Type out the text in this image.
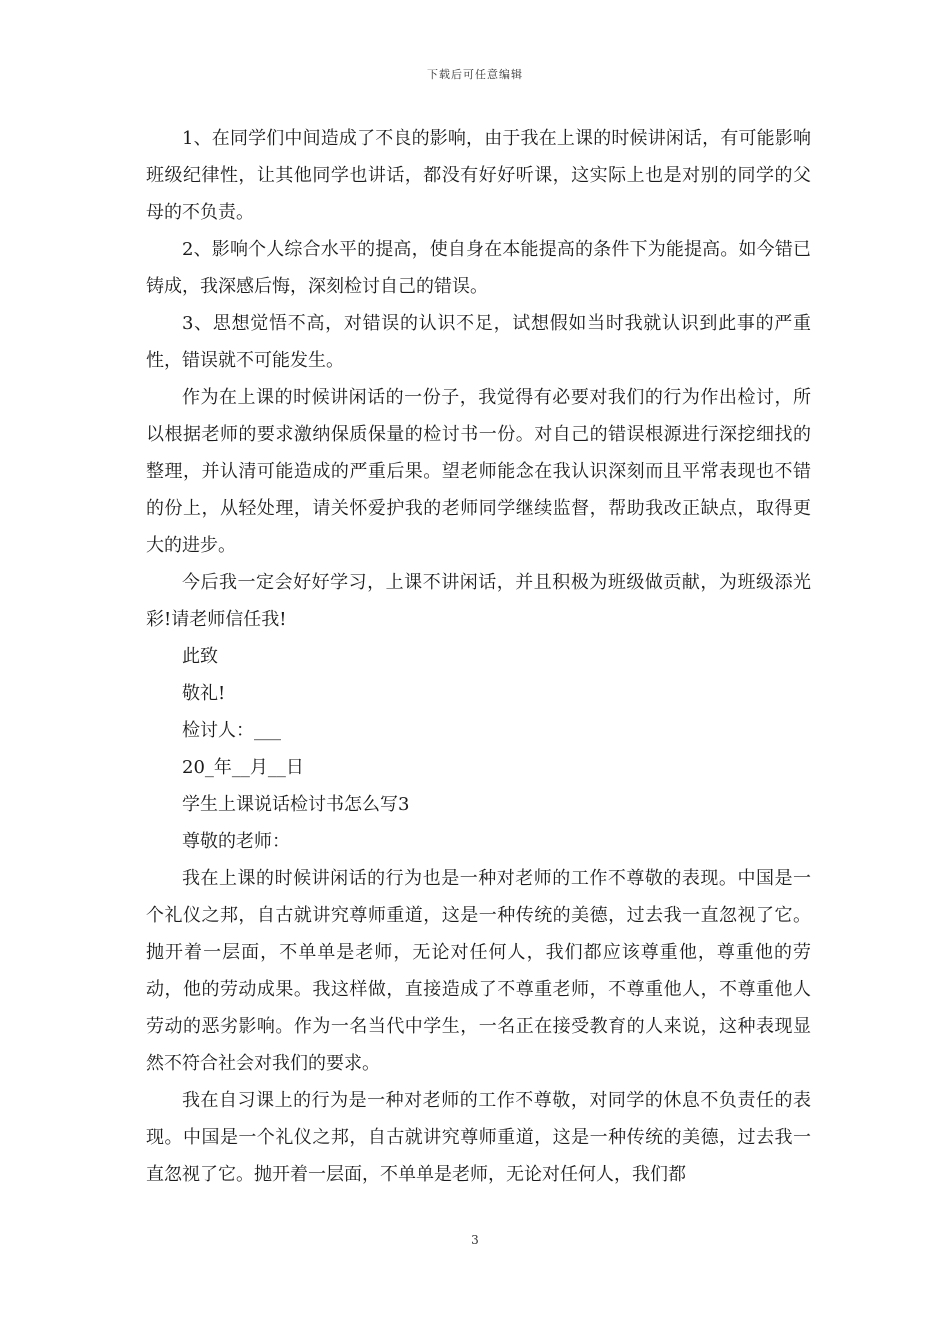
下载后可任意编辑

1、在同学们中间造成了不良的影响，由于我在上课的时候讲闲话，有可能影响班级纪律性，让其他同学也讲话，都没有好好听课，这实际上也是对别的同学的父母的不负责。

2、影响个人综合水平的提高，使自身在本能提高的条件下为能提高。如今错已铸成，我深感后悔，深刻检讨自己的错误。

3、思想觉悟不高，对错误的认识不足，试想假如当时我就认识到此事的严重性，错误就不可能发生。

作为在上课的时候讲闲话的一份子，我觉得有必要对我们的行为作出检讨，所以根据老师的要求激纳保质保量的检讨书一份。对自己的错误根源进行深挖细找的整理，并认清可能造成的严重后果。望老师能念在我认识深刻而且平常表现也不错的份上，从轻处理，请关怀爱护我的老师同学继续监督，帮助我改正缺点，取得更大的进步。

今后我一定会好好学习，上课不讲闲话，并且积极为班级做贡献，为班级添光彩!请老师信任我!

此致

敬礼!

检讨人：___

20_年__月__日

学生上课说话检讨书怎么写3

尊敬的老师：

我在上课的时候讲闲话的行为也是一种对老师的工作不尊敬的表现。中国是一个礼仪之邦，自古就讲究尊师重道，这是一种传统的美德，过去我一直忽视了它。抛开着一层面，不单单是老师，无论对任何人，我们都应该尊重他，尊重他的劳动，他的劳动成果。我这样做，直接造成了不尊重老师，不尊重他人，不尊重他人劳动的恶劣影响。作为一名当代中学生，一名正在接受教育的人来说，这种表现显然不符合社会对我们的要求。

我在自习课上的行为是一种对老师的工作不尊敬，对同学的休息不负责任的表现。中国是一个礼仪之邦，自古就讲究尊师重道，这是一种传统的美德，过去我一直忽视了它。抛开着一层面，不单单是老师，无论对任何人，我们都

3
